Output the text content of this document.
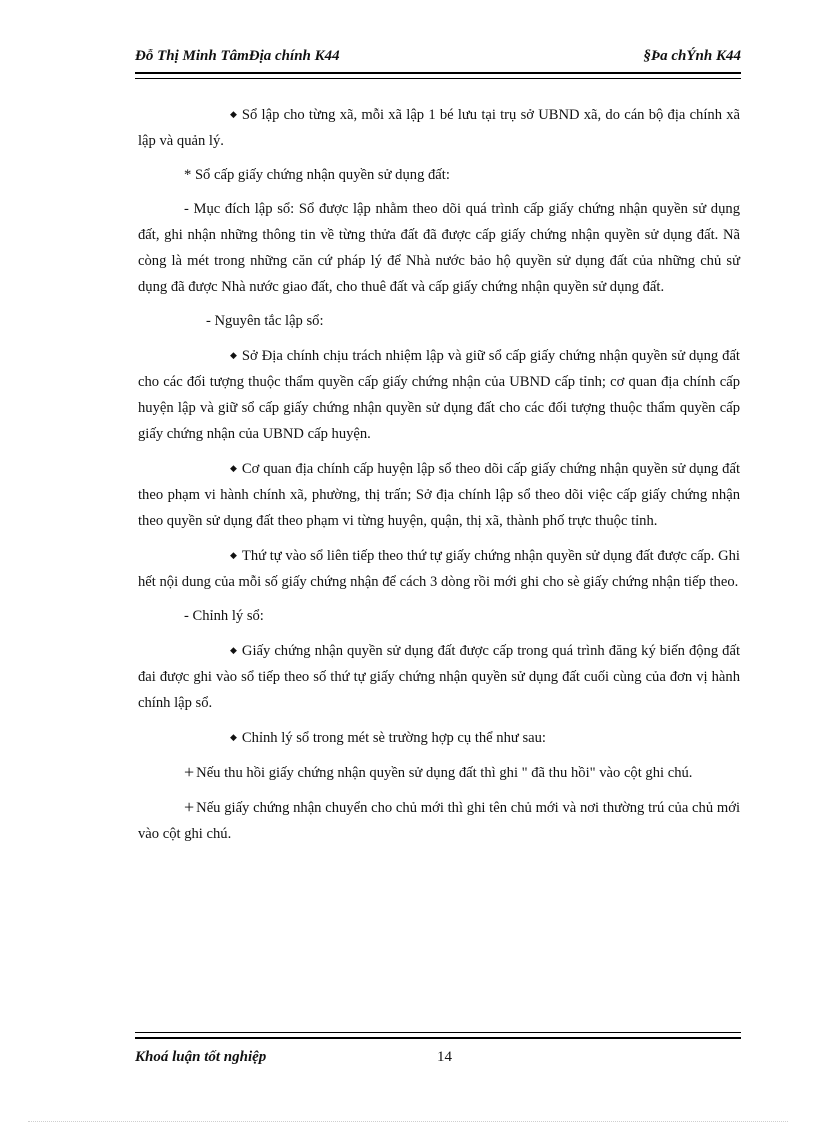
Đỗ Thị Minh TâmĐịa chính K44	§Þa chÝnh K44

◆ Sổ lập cho từng xã, mỗi xã lập 1 bé lưu tại trụ sở UBND xã, do cán bộ địa chính xã lập và quản lý.

* Sổ cấp giấy chứng nhận quyền sử dụng đất:

- Mục đích lập sổ: Sổ được lập nhằm theo dõi quá trình cấp giấy chứng nhận quyền sử dụng đất, ghi nhận những thông tin về từng thửa đất đã được cấp giấy chứng nhận quyền sử dụng đất. Nã còng là mét trong những căn cứ pháp lý để Nhà nước bảo hộ quyền sử dụng đất của những chủ sử dụng đã được Nhà nước giao đất, cho thuê đất và cấp giấy chứng nhận quyền sử dụng đất.

- Nguyên tắc lập sổ:

◆ Sở Địa chính chịu trách nhiệm lập và giữ sổ cấp giấy chứng nhận quyền sử dụng đất cho các đối tượng thuộc thẩm quyền cấp giấy chứng nhận của UBND cấp tỉnh; cơ quan địa chính cấp huyện lập và giữ sổ cấp giấy chứng nhận quyền sử dụng đất cho các đối tượng thuộc thẩm quyền cấp giấy chứng nhận của UBND cấp huyện.

◆ Cơ quan địa chính cấp huyện lập sổ theo dõi cấp giấy chứng nhận quyền sử dụng đất theo phạm vi hành chính xã, phường, thị trấn; Sở địa chính lập sổ theo dõi việc cấp giấy chứng nhận theo quyền sử dụng đất theo phạm vi từng huyện, quận, thị xã, thành phố trực thuộc tỉnh.

◆ Thứ tự vào sổ liên tiếp theo thứ tự giấy chứng nhận quyền sử dụng đất được cấp. Ghi hết nội dung của mỗi số giấy chứng nhận để cách 3 dòng rồi mới ghi cho sè giấy chứng nhận tiếp theo.

- Chỉnh lý sổ:

◆ Giấy chứng nhận quyền sử dụng đất được cấp trong quá trình đăng ký biến động đất đai được ghi vào sổ tiếp theo số thứ tự giấy chứng nhận quyền sử dụng đất cuối cùng của đơn vị hành chính lập sổ.

◆ Chỉnh lý sổ trong mét sè trường hợp cụ thể như sau:

+ Nếu thu hồi giấy chứng nhận quyền sử dụng đất thì ghi " đã thu hồi" vào cột ghi chú.

+ Nếu giấy chứng nhận chuyển cho chủ mới thì ghi tên chủ mới và nơi thường trú của chủ mới vào cột ghi chú.

Khoá luận tốt nghiệp	14
